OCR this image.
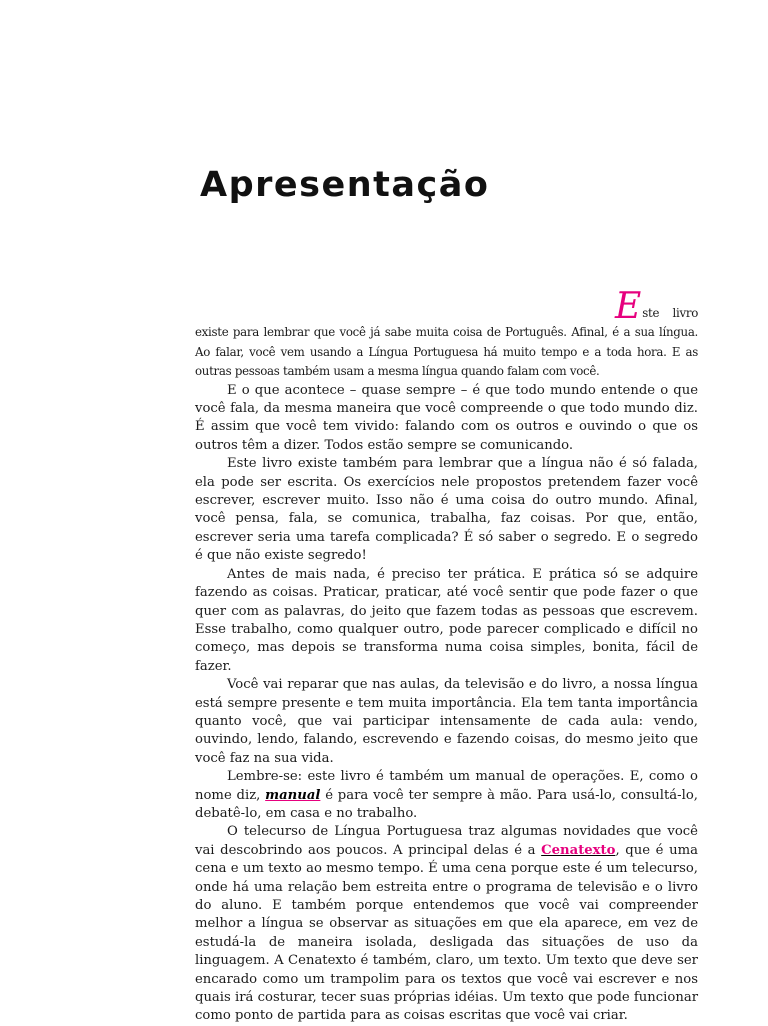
Apresentação

Este livro existe para lembrar que você já sabe muita coisa de Português. Afinal, é a sua língua. Ao falar, você vem usando a Língua Portuguesa há muito tempo e a toda hora. E as outras pessoas também usam a mesma língua quando falam com você.

E o que acontece – quase sempre – é que todo mundo entende o que você fala, da mesma maneira que você compreende o que todo mundo diz. É assim que você tem vivido: falando com os outros e ouvindo o que os outros têm a dizer. Todos estão sempre se comunicando.

Este livro existe também para lembrar que a língua não é só falada, ela pode ser escrita. Os exercícios nele propostos pretendem fazer você escrever, escrever muito. Isso não é uma coisa do outro mundo. Afinal, você pensa, fala, se comunica, trabalha, faz coisas. Por que, então, escrever seria uma tarefa complicada? É só saber o segredo. E o segredo é que não existe segredo!

Antes de mais nada, é preciso ter prática. E prática só se adquire fazendo as coisas. Praticar, praticar, até você sentir que pode fazer o que quer com as palavras, do jeito que fazem todas as pessoas que escrevem. Esse trabalho, como qualquer outro, pode parecer complicado e difícil no começo, mas depois se transforma numa coisa simples, bonita, fácil de fazer.

Você vai reparar que nas aulas, da televisão e do livro, a nossa língua está sempre presente e tem muita importância. Ela tem tanta importância quanto você, que vai participar intensamente de cada aula: vendo, ouvindo, lendo, falando, escrevendo e fazendo coisas, do mesmo jeito que você faz na sua vida.

Lembre-se: este livro é também um manual de operações. E, como o nome diz, manual é para você ter sempre à mão. Para usá-lo, consultá-lo, debatê-lo, em casa e no trabalho.

O telecurso de Língua Portuguesa traz algumas novidades que você vai descobrindo aos poucos. A principal delas é a Cenatexto, que é uma cena e um texto ao mesmo tempo. É uma cena porque este é um telecurso, onde há uma relação bem estreita entre o programa de televisão e o livro do aluno. E também porque entendemos que você vai compreender melhor a língua se observar as situações em que ela aparece, em vez de estudá-la de maneira isolada, desligada das situações de uso da linguagem. A Cenatexto é também, claro, um texto. Um texto que deve ser encarado como um trampolim para os textos que você vai escrever e nos quais irá costurar, tecer suas próprias idéias. Um texto que pode funcionar como ponto de partida para as coisas escritas que você vai criar.
